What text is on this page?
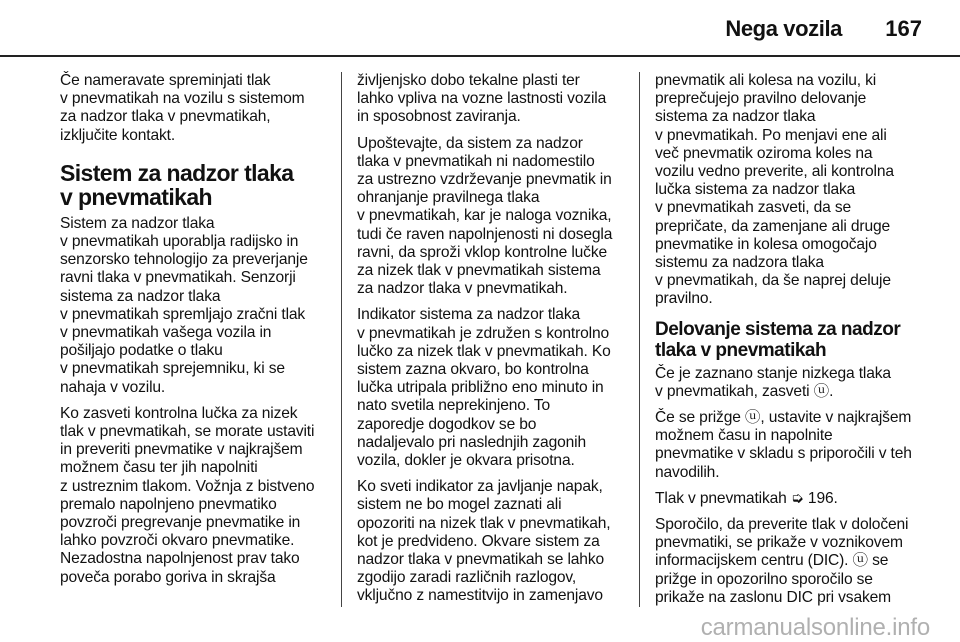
Nega vozila 167

Če nameravate spreminjati tlak
v pnevmatikah na vozilu s sistemom
za nadzor tlaka v pnevmatikah,
izključite kontakt.

Sistem za nadzor tlaka
v pnevmatikah

Sistem za nadzor tlaka
v pnevmatikah uporablja radijsko in
senzorsko tehnologijo za preverjanje
ravni tlaka v pnevmatikah. Senzorji
sistema za nadzor tlaka
v pnevmatikah spremljajo zračni tlak
v pnevmatikah vašega vozila in
pošiljajo podatke o tlaku
v pnevmatikah sprejemniku, ki se
nahaja v vozilu.

Ko zasveti kontrolna lučka za nizek
tlak v pnevmatikah, se morate ustaviti
in preveriti pnevmatike v najkrajšem
možnem času ter jih napolniti
z ustreznim tlakom. Vožnja z bistveno
premalo napolnjeno pnevmatiko
povzroči pregrevanje pnevmatike in
lahko povzroči okvaro pnevmatike.
Nezadostna napolnjenost prav tako
poveča porabo goriva in skrajša

življenjsko dobo tekalne plasti ter
lahko vpliva na vozne lastnosti vozila
in sposobnost zaviranja.

Upoštevajte, da sistem za nadzor
tlaka v pnevmatikah ni nadomestilo
za ustrezno vzdrževanje pnevmatik in
ohranjanje pravilnega tlaka
v pnevmatikah, kar je naloga voznika,
tudi če raven napolnjenosti ni dosegla
ravni, da sproži vklop kontrolne lučke
za nizek tlak v pnevmatikah sistema
za nadzor tlaka v pnevmatikah.

Indikator sistema za nadzor tlaka
v pnevmatikah je združen s kontrolno
lučko za nizek tlak v pnevmatikah. Ko
sistem zazna okvaro, bo kontrolna
lučka utripala približno eno minuto in
nato svetila neprekinjeno. To
zaporedje dogodkov se bo
nadaljevalo pri naslednjih zagonih
vozila, dokler je okvara prisotna.

Ko sveti indikator za javljanje napak,
sistem ne bo mogel zaznati ali
opozoriti na nizek tlak v pnevmatikah,
kot je predvideno. Okvare sistem za
nadzor tlaka v pnevmatikah se lahko
zgodijo zaradi različnih razlogov,
vključno z namestitvijo in zamenjavo

pnevmatik ali kolesa na vozilu, ki
preprečujejo pravilno delovanje
sistema za nadzor tlaka
v pnevmatikah. Po menjavi ene ali
več pnevmatik oziroma koles na
vozilu vedno preverite, ali kontrolna
lučka sistema za nadzor tlaka
v pnevmatikah zasveti, da se
prepričate, da zamenjane ali druge
pnevmatike in kolesa omogočajo
sistemu za nadzora tlaka
v pnevmatikah, da še naprej deluje
pravilno.

Delovanje sistema za nadzor
tlaka v pnevmatikah

Če je zaznano stanje nizkega tlaka
v pnevmatikah, zasveti ⓤ.

Če se prižge ⓤ, ustavite v najkrajšem
možnem času in napolnite
pnevmatike v skladu s priporočili v teh
navodilih.

Tlak v pnevmatikah ➭ 196.

Sporočilo, da preverite tlak v določeni
pnevmatiki, se prikaže v voznikovem
informacijskem centru (DIC). ⓤ se
prižge in opozorilno sporočilo se
prikaže na zaslonu DIC pri vsakem

carmanualsonline.info
